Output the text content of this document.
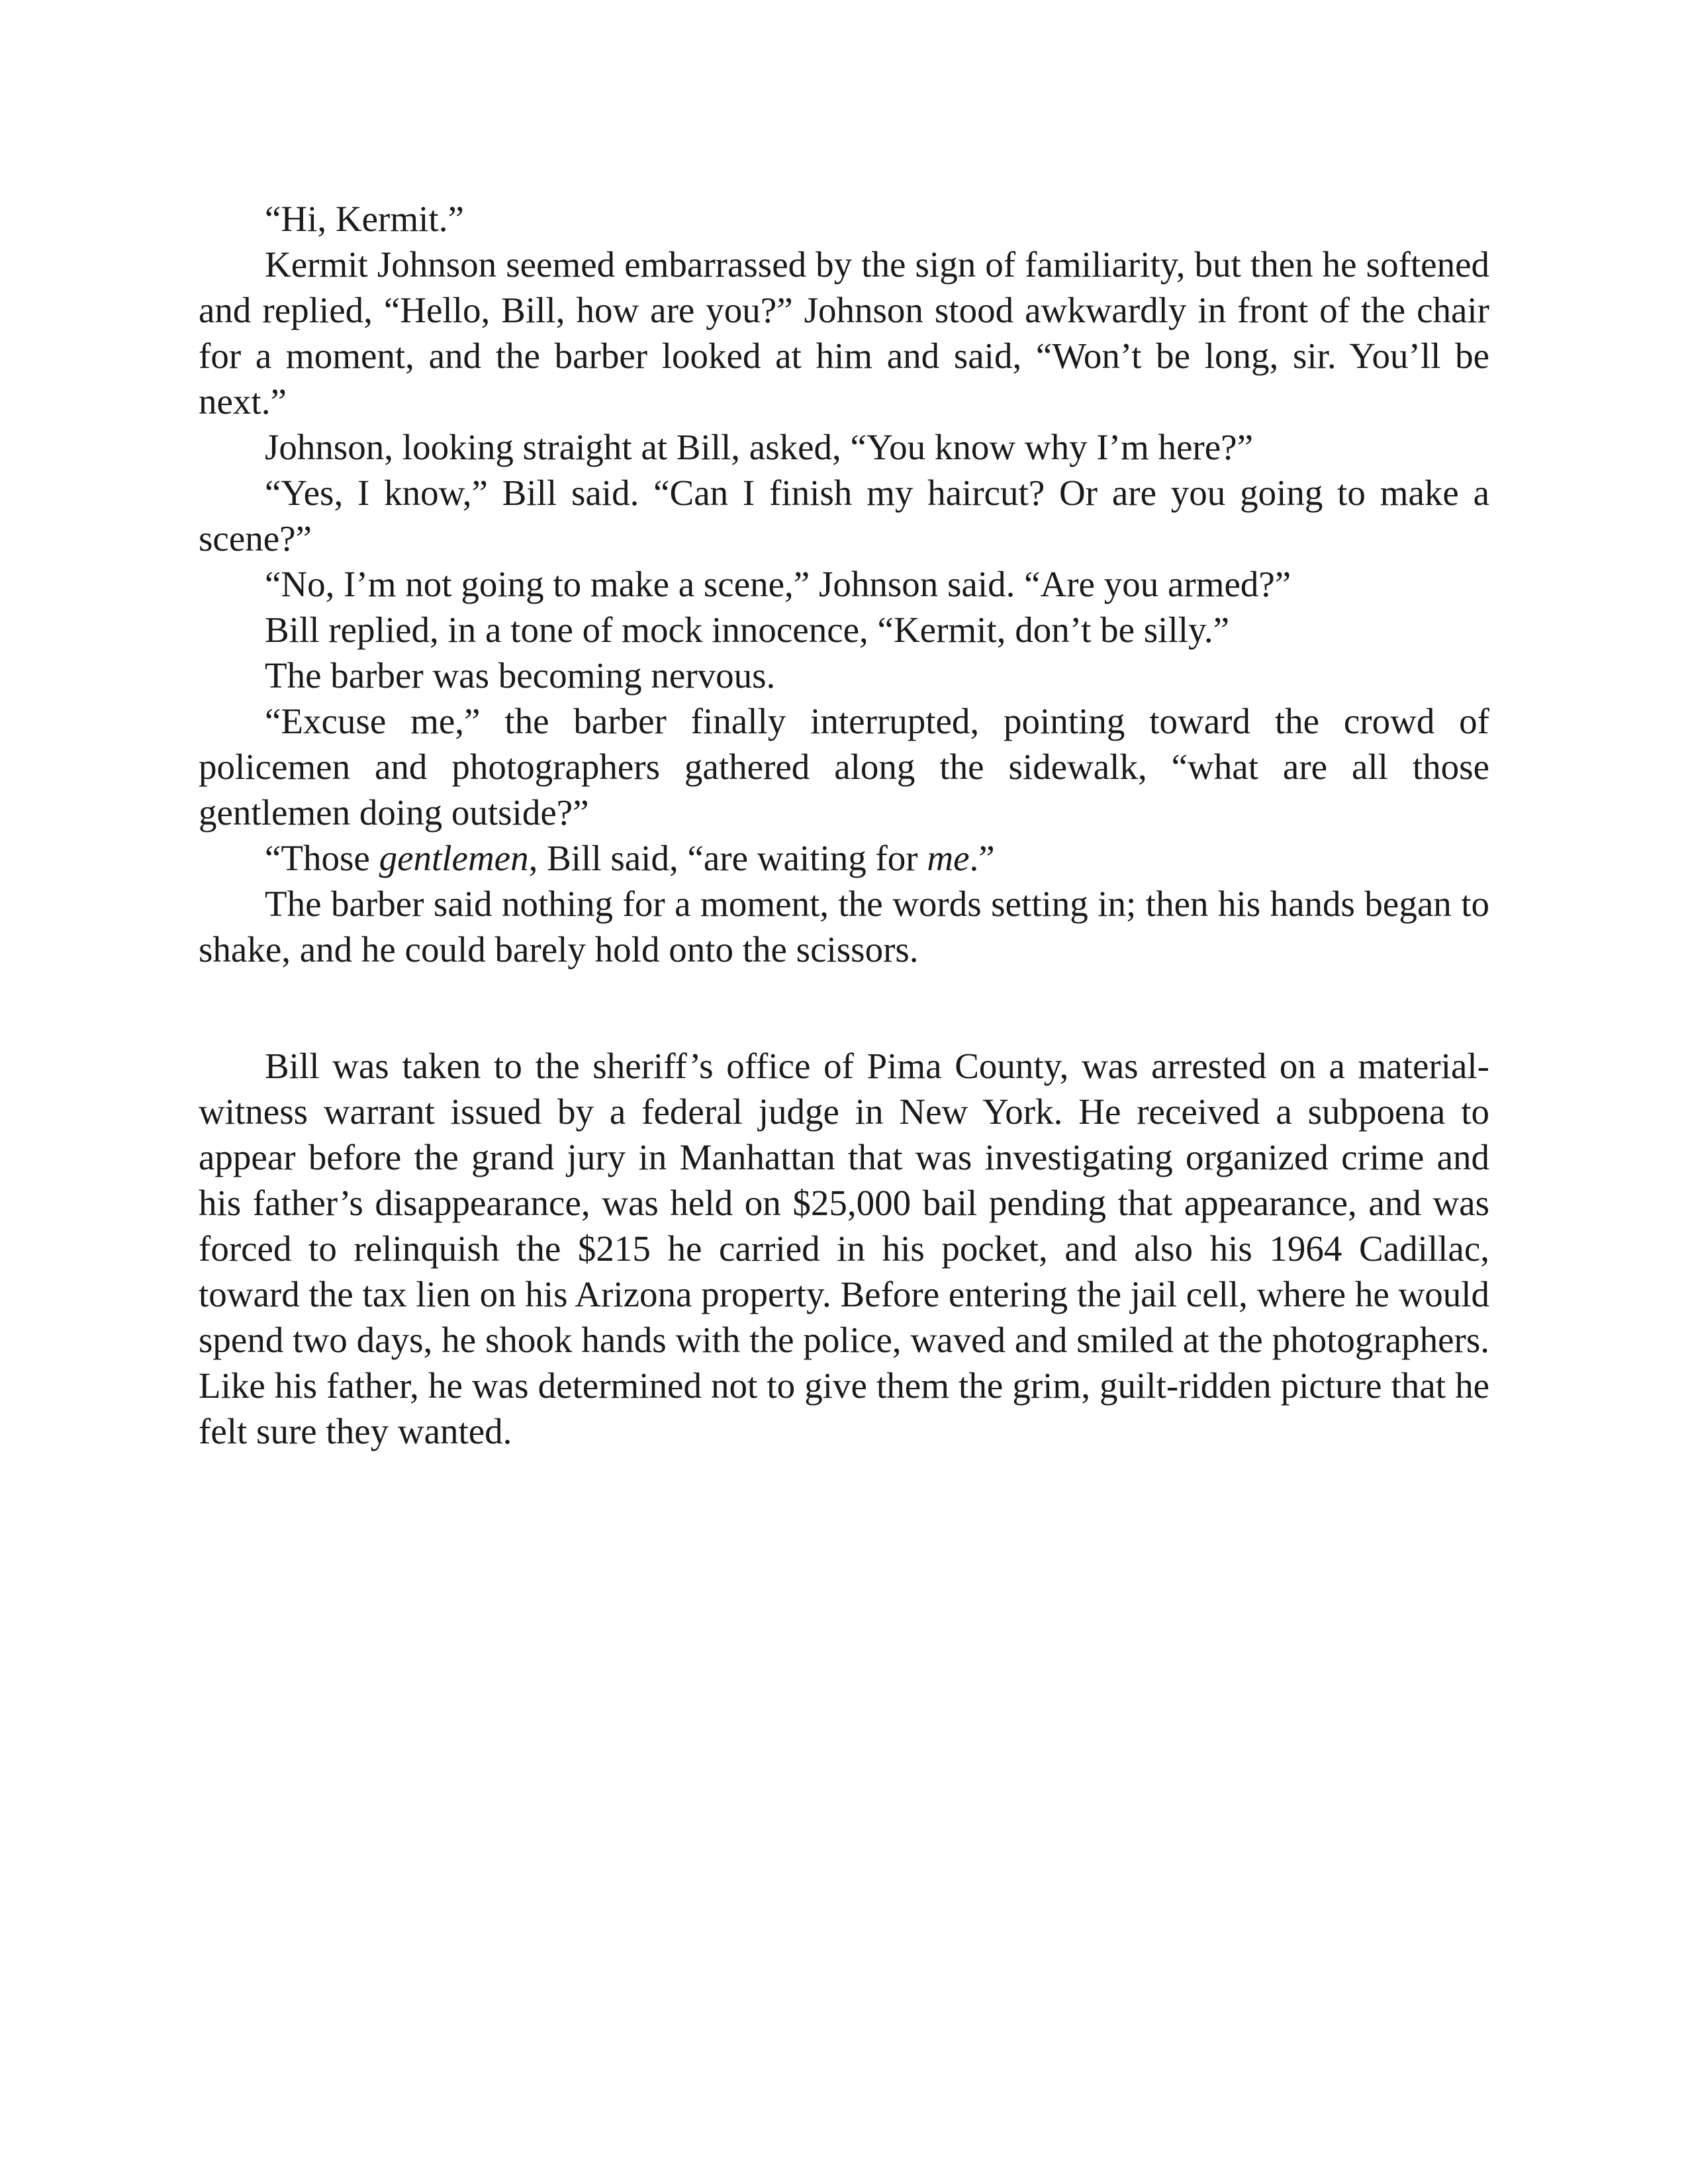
“Hi, Kermit.”

Kermit Johnson seemed embarrassed by the sign of familiarity, but then he softened and replied, “Hello, Bill, how are you?” Johnson stood awkwardly in front of the chair for a moment, and the barber looked at him and said, “Won’t be long, sir. You’ll be next.”

Johnson, looking straight at Bill, asked, “You know why I’m here?”

“Yes, I know,” Bill said. “Can I finish my haircut? Or are you going to make a scene?”

“No, I’m not going to make a scene,” Johnson said. “Are you armed?”

Bill replied, in a tone of mock innocence, “Kermit, don’t be silly.”

The barber was becoming nervous.

“Excuse me,” the barber finally interrupted, pointing toward the crowd of policemen and photographers gathered along the sidewalk, “what are all those gentlemen doing outside?”

“Those gentlemen, Bill said, “are waiting for me.”

The barber said nothing for a moment, the words setting in; then his hands began to shake, and he could barely hold onto the scissors.

Bill was taken to the sheriff’s office of Pima County, was arrested on a material-witness warrant issued by a federal judge in New York. He received a subpoena to appear before the grand jury in Manhattan that was investigating organized crime and his father’s disappearance, was held on $25,000 bail pending that appearance, and was forced to relinquish the $215 he carried in his pocket, and also his 1964 Cadillac, toward the tax lien on his Arizona property. Before entering the jail cell, where he would spend two days, he shook hands with the police, waved and smiled at the photographers. Like his father, he was determined not to give them the grim, guilt-ridden picture that he felt sure they wanted.
